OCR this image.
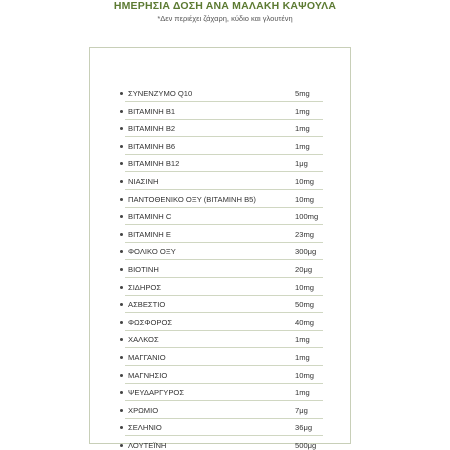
ΗΜΕΡΗΣΙΑ ΔΟΣΗ ΑΝΑ ΜΑΛΑΚΗ ΚΑΨΟΥΛΑ
*Δεν περιέχει ζάχαρη, κύδιο και γλουτένη
ΣΥΝΕΝΖΥΜΟ Q10	5mg
ΒΙΤΑΜΙΝΗ Β1	1mg
ΒΙΤΑΜΙΝΗ Β2	1mg
ΒΙΤΑΜΙΝΗ Β6	1mg
ΒΙΤΑΜΙΝΗ Β12	1μg
ΝΙΑΣΙΝΗ	10mg
ΠΑΝΤΟΘΕΝΙΚΟ ΟΞΥ (ΒΙΤΑΜΙΝΗ Β5)	10mg
ΒΙΤΑΜΙΝΗ C	100mg
ΒΙΤΑΜΙΝΗ Ε	23mg
ΦΟΛΙΚΟ ΟΞΥ	300μg
ΒΙΟΤΙΝΗ	20μg
ΣΙΔΗΡΟΣ	10mg
ΑΣΒΕΣΤΙΟ	50mg
ΦΩΣΦΟΡΟΣ	40mg
ΧΑΛΚΟΣ	1mg
ΜΑΓΓΑΝΙΟ	1mg
ΜΑΓΝΗΣΙΟ	10mg
ΨΕΥΔΑΡΓΥΡΟΣ	1mg
ΧΡΩΜΙΟ	7μg
ΣΕΛΗΝΙΟ	36μg
ΛΟΥΤΕΪΝΗ	500μg
